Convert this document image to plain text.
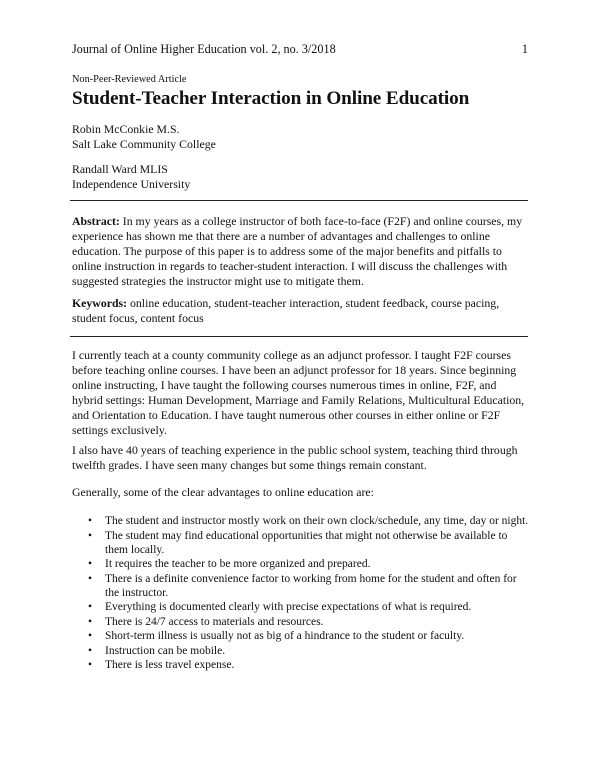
Journal of Online Higher Education vol. 2, no. 3/2018	1
Non-Peer-Reviewed Article
Student-Teacher Interaction in Online Education
Robin McConkie M.S.
Salt Lake Community College
Randall Ward MLIS
Independence University
Abstract: In my years as a college instructor of both face-to-face (F2F) and online courses, my experience has shown me that there are a number of advantages and challenges to online education. The purpose of this paper is to address some of the major benefits and pitfalls to online instruction in regards to teacher-student interaction. I will discuss the challenges with suggested strategies the instructor might use to mitigate them.
Keywords: online education, student-teacher interaction, student feedback, course pacing, student focus, content focus
I currently teach at a county community college as an adjunct professor. I taught F2F courses before teaching online courses. I have been an adjunct professor for 18 years. Since beginning online instructing, I have taught the following courses numerous times in online, F2F, and hybrid settings: Human Development, Marriage and Family Relations, Multicultural Education, and Orientation to Education. I have taught numerous other courses in either online or F2F settings exclusively.
I also have 40 years of teaching experience in the public school system, teaching third through twelfth grades. I have seen many changes but some things remain constant.
Generally, some of the clear advantages to online education are:
• The student and instructor mostly work on their own clock/schedule, any time, day or night.
• The student may find educational opportunities that might not otherwise be available to them locally.
• It requires the teacher to be more organized and prepared.
• There is a definite convenience factor to working from home for the student and often for the instructor.
• Everything is documented clearly with precise expectations of what is required.
• There is 24/7 access to materials and resources.
• Short-term illness is usually not as big of a hindrance to the student or faculty.
• Instruction can be mobile.
• There is less travel expense.
